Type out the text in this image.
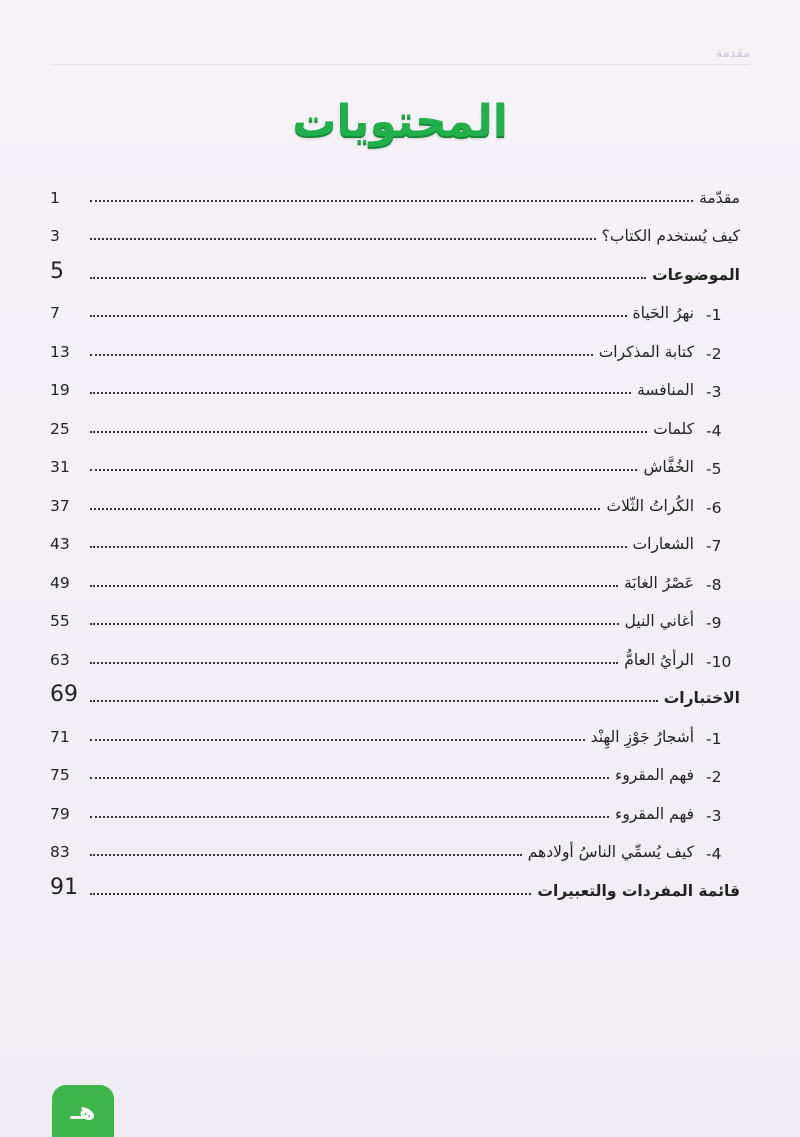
مقدمة
المحتويات
مقدّمة
1
كيف يُستخدم الكتاب؟
3
الموضوعات
5
-1
نهرُ الحَياة
7
-2
كتابة المذكرات
13
-3
المنافسة
19
-4
كلمات
25
-5
الخُفَّاش
31
-6
الكُراتُ الثّلاث
37
-7
الشعارات
43
-8
عَصْرُ الغابَة
49
-9
أغاني النيل
55
-10
الرأيُ العامُّ
63
الاختبارات
69
-1
أشجارُ جَوْزِ الهِنْد
71
-2
فهم المقروء
75
-3
فهم المقروء
79
-4
كيف يُسمِّي الناسُ أولادهم
83
قائمة المفردات والتعبيرات
91
هـ
